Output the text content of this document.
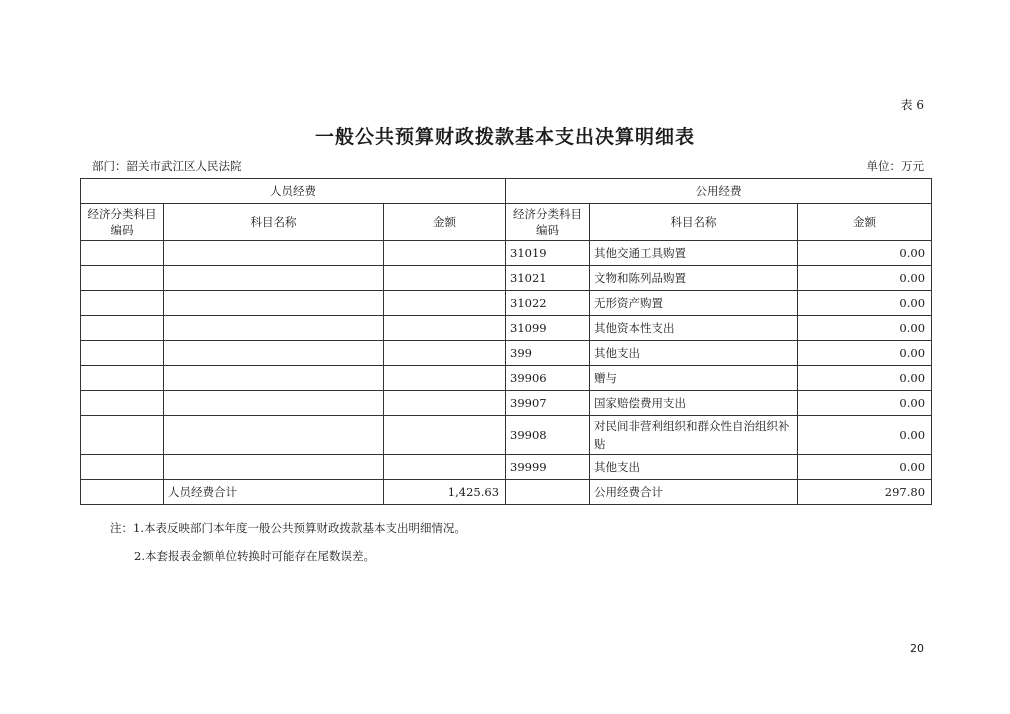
表 6
一般公共预算财政拨款基本支出决算明细表
部门：韶关市武江区人民法院	单位：万元
人员经费			公用经费		
经济分类科目编码	科目名称	金额	经济分类科目编码	科目名称	金额
			31019	其他交通工具购置	0.00
			31021	文物和陈列品购置	0.00
			31022	无形资产购置	0.00
			31099	其他资本性支出	0.00
			399	其他支出	0.00
			39906	赠与	0.00
			39907	国家赔偿费用支出	0.00
			39908	对民间非营利组织和群众性自治组织补贴	0.00
			39999	其他支出	0.00
	人员经费合计	1,425.63		公用经费合计	297.80
注：1.本表反映部门本年度一般公共预算财政拨款基本支出明细情况。
2.本套报表金额单位转换时可能存在尾数误差。
20
